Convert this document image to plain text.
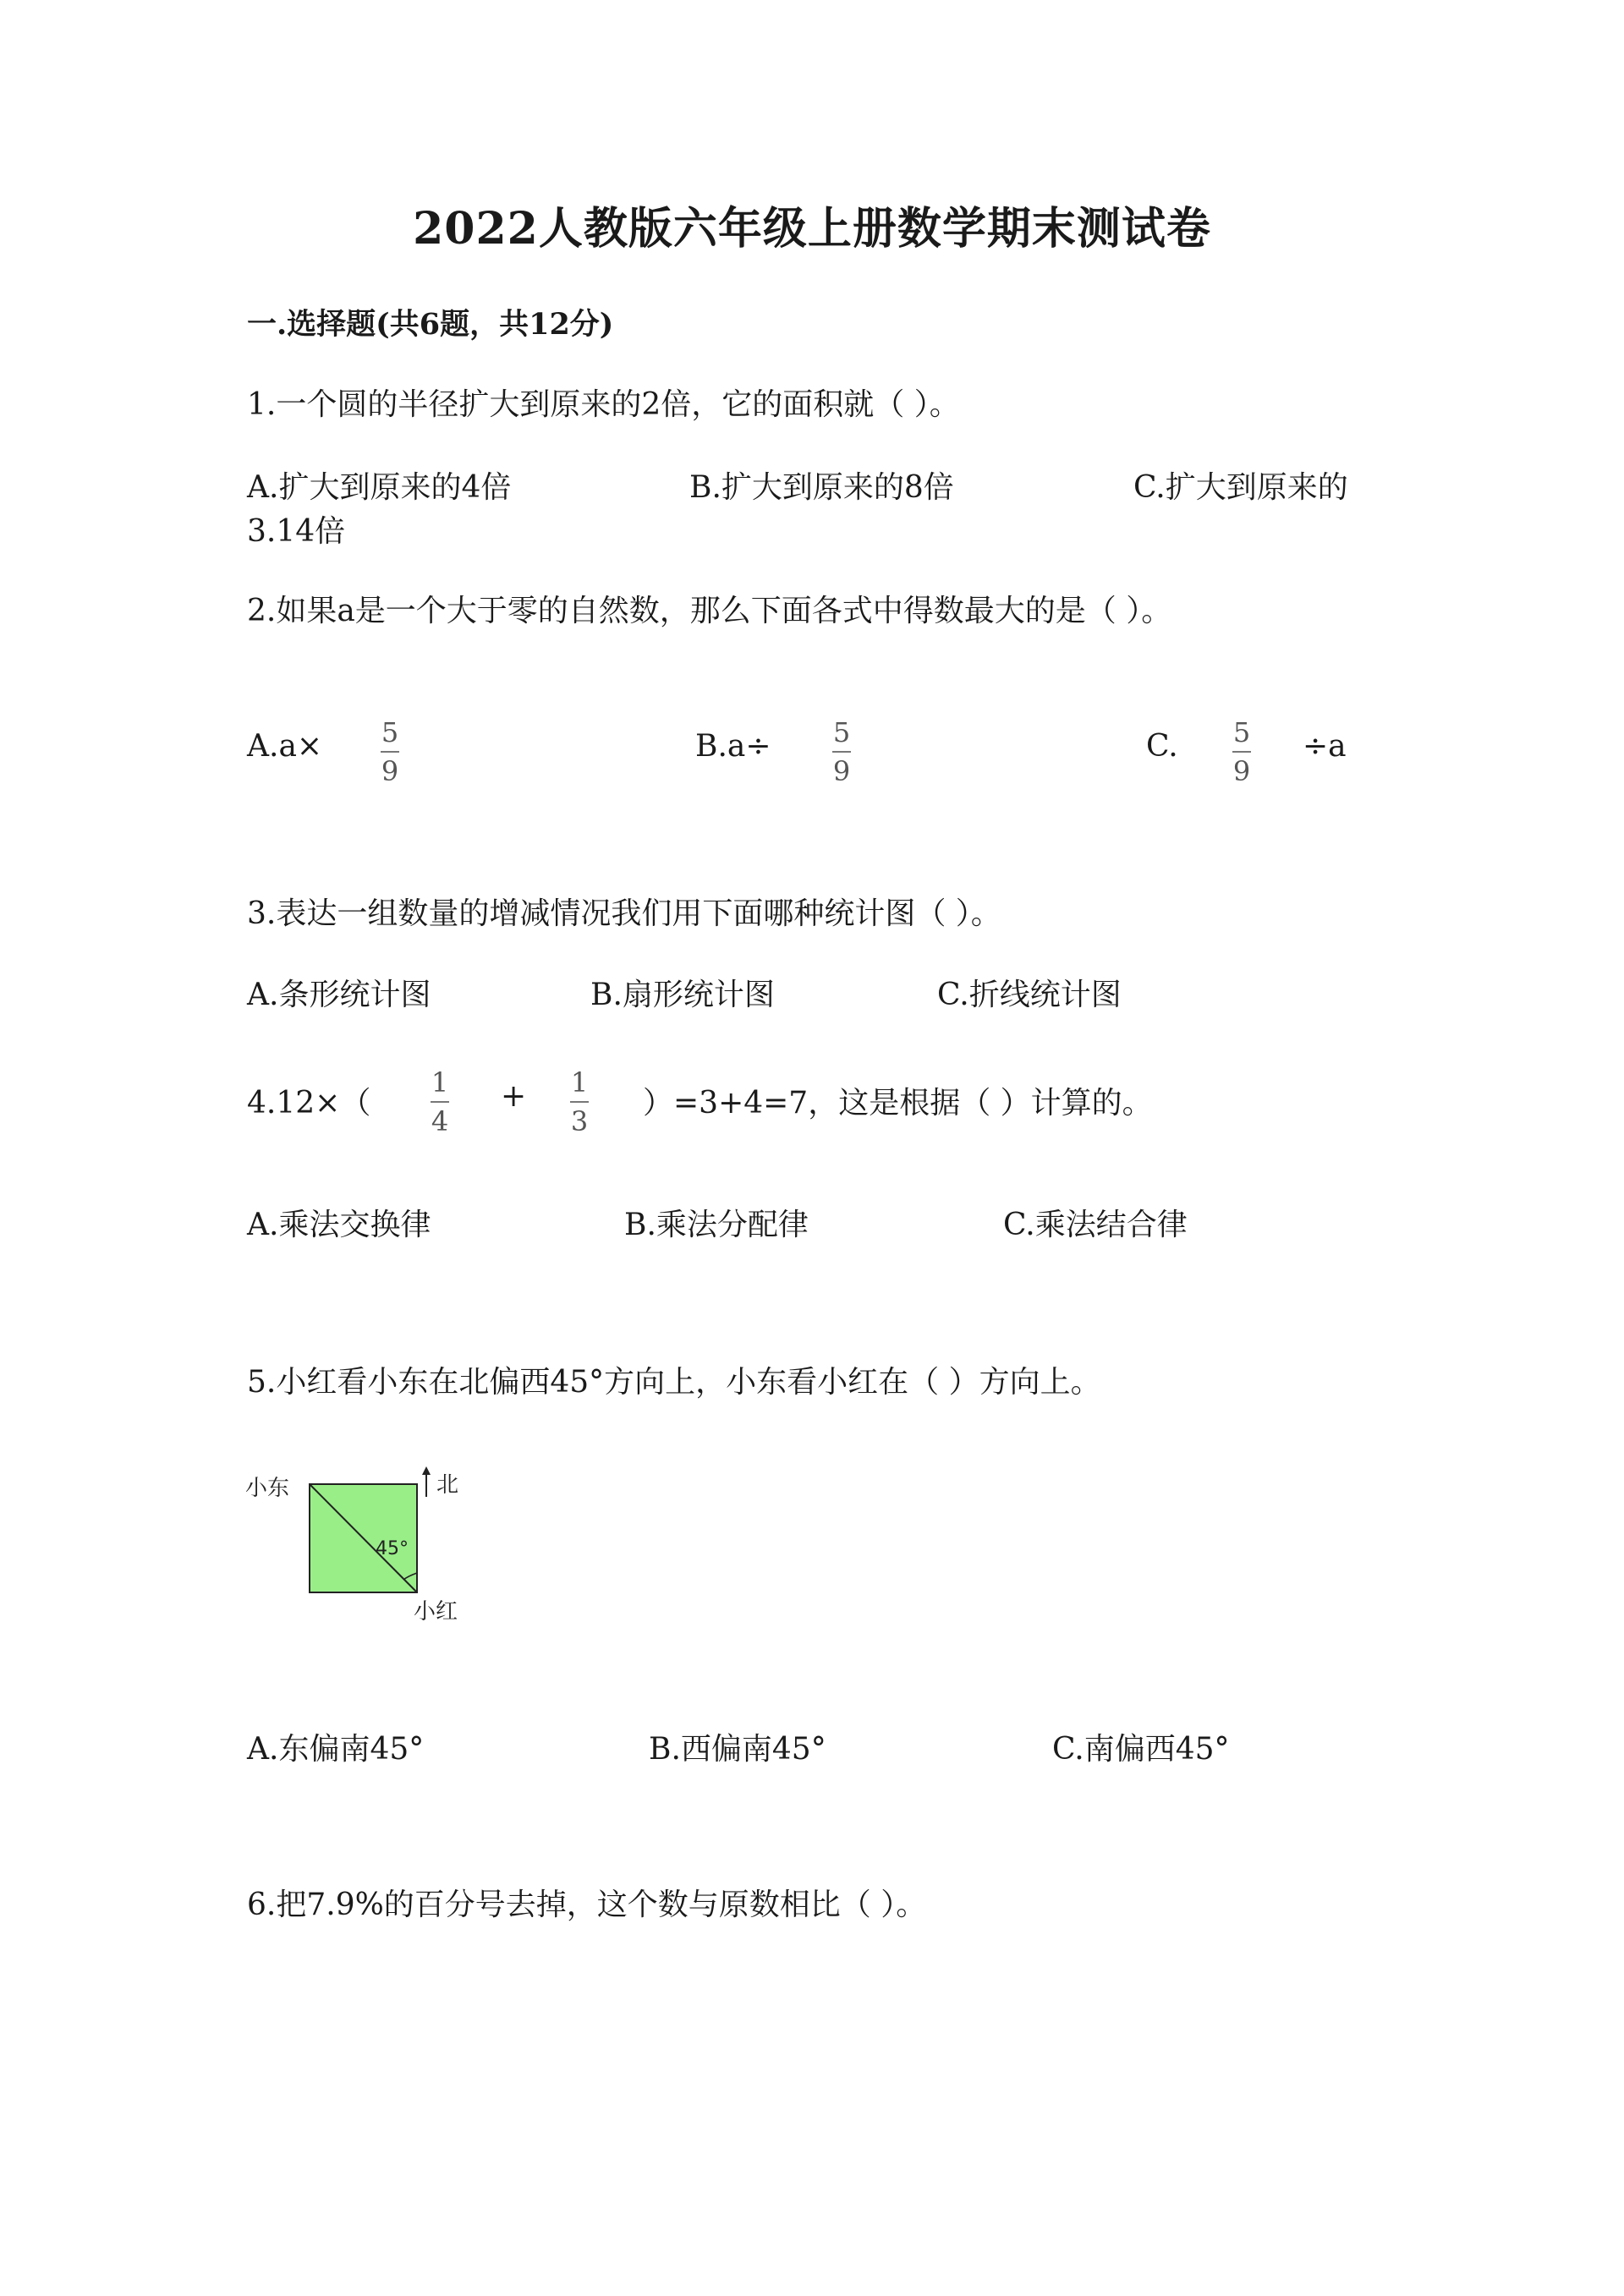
2022人教版六年级上册数学期末测试卷
一.选择题(共6题，共12分)
1.一个圆的半径扩大到原来的2倍，它的面积就（ ）。
A.扩大到原来的4倍	B.扩大到原来的8倍	C.扩大到原来的
3.14倍
2.如果a是一个大于零的自然数，那么下面各式中得数最大的是（ ）。
A.a× 5
9
B.a÷ 5
9
C. 5
9
÷a
3.表达一组数量的增减情况我们用下面哪种统计图（ ）。
A.条形统计图	B.扇形统计图	C.折线统计图
4.12×（
1
4
+ 1
3
）=3+4=7，这是根据（ ）计算的。
A.乘法交换律	B.乘法分配律	C.乘法结合律
5.小红看小东在北偏西45°方向上，小东看小红在（ ）方向上。
小东	北
45°
小红
A.东偏南45°	B.西偏南45°	C.南偏西45°
6.把7.9%的百分号去掉，这个数与原数相比（ ）。
